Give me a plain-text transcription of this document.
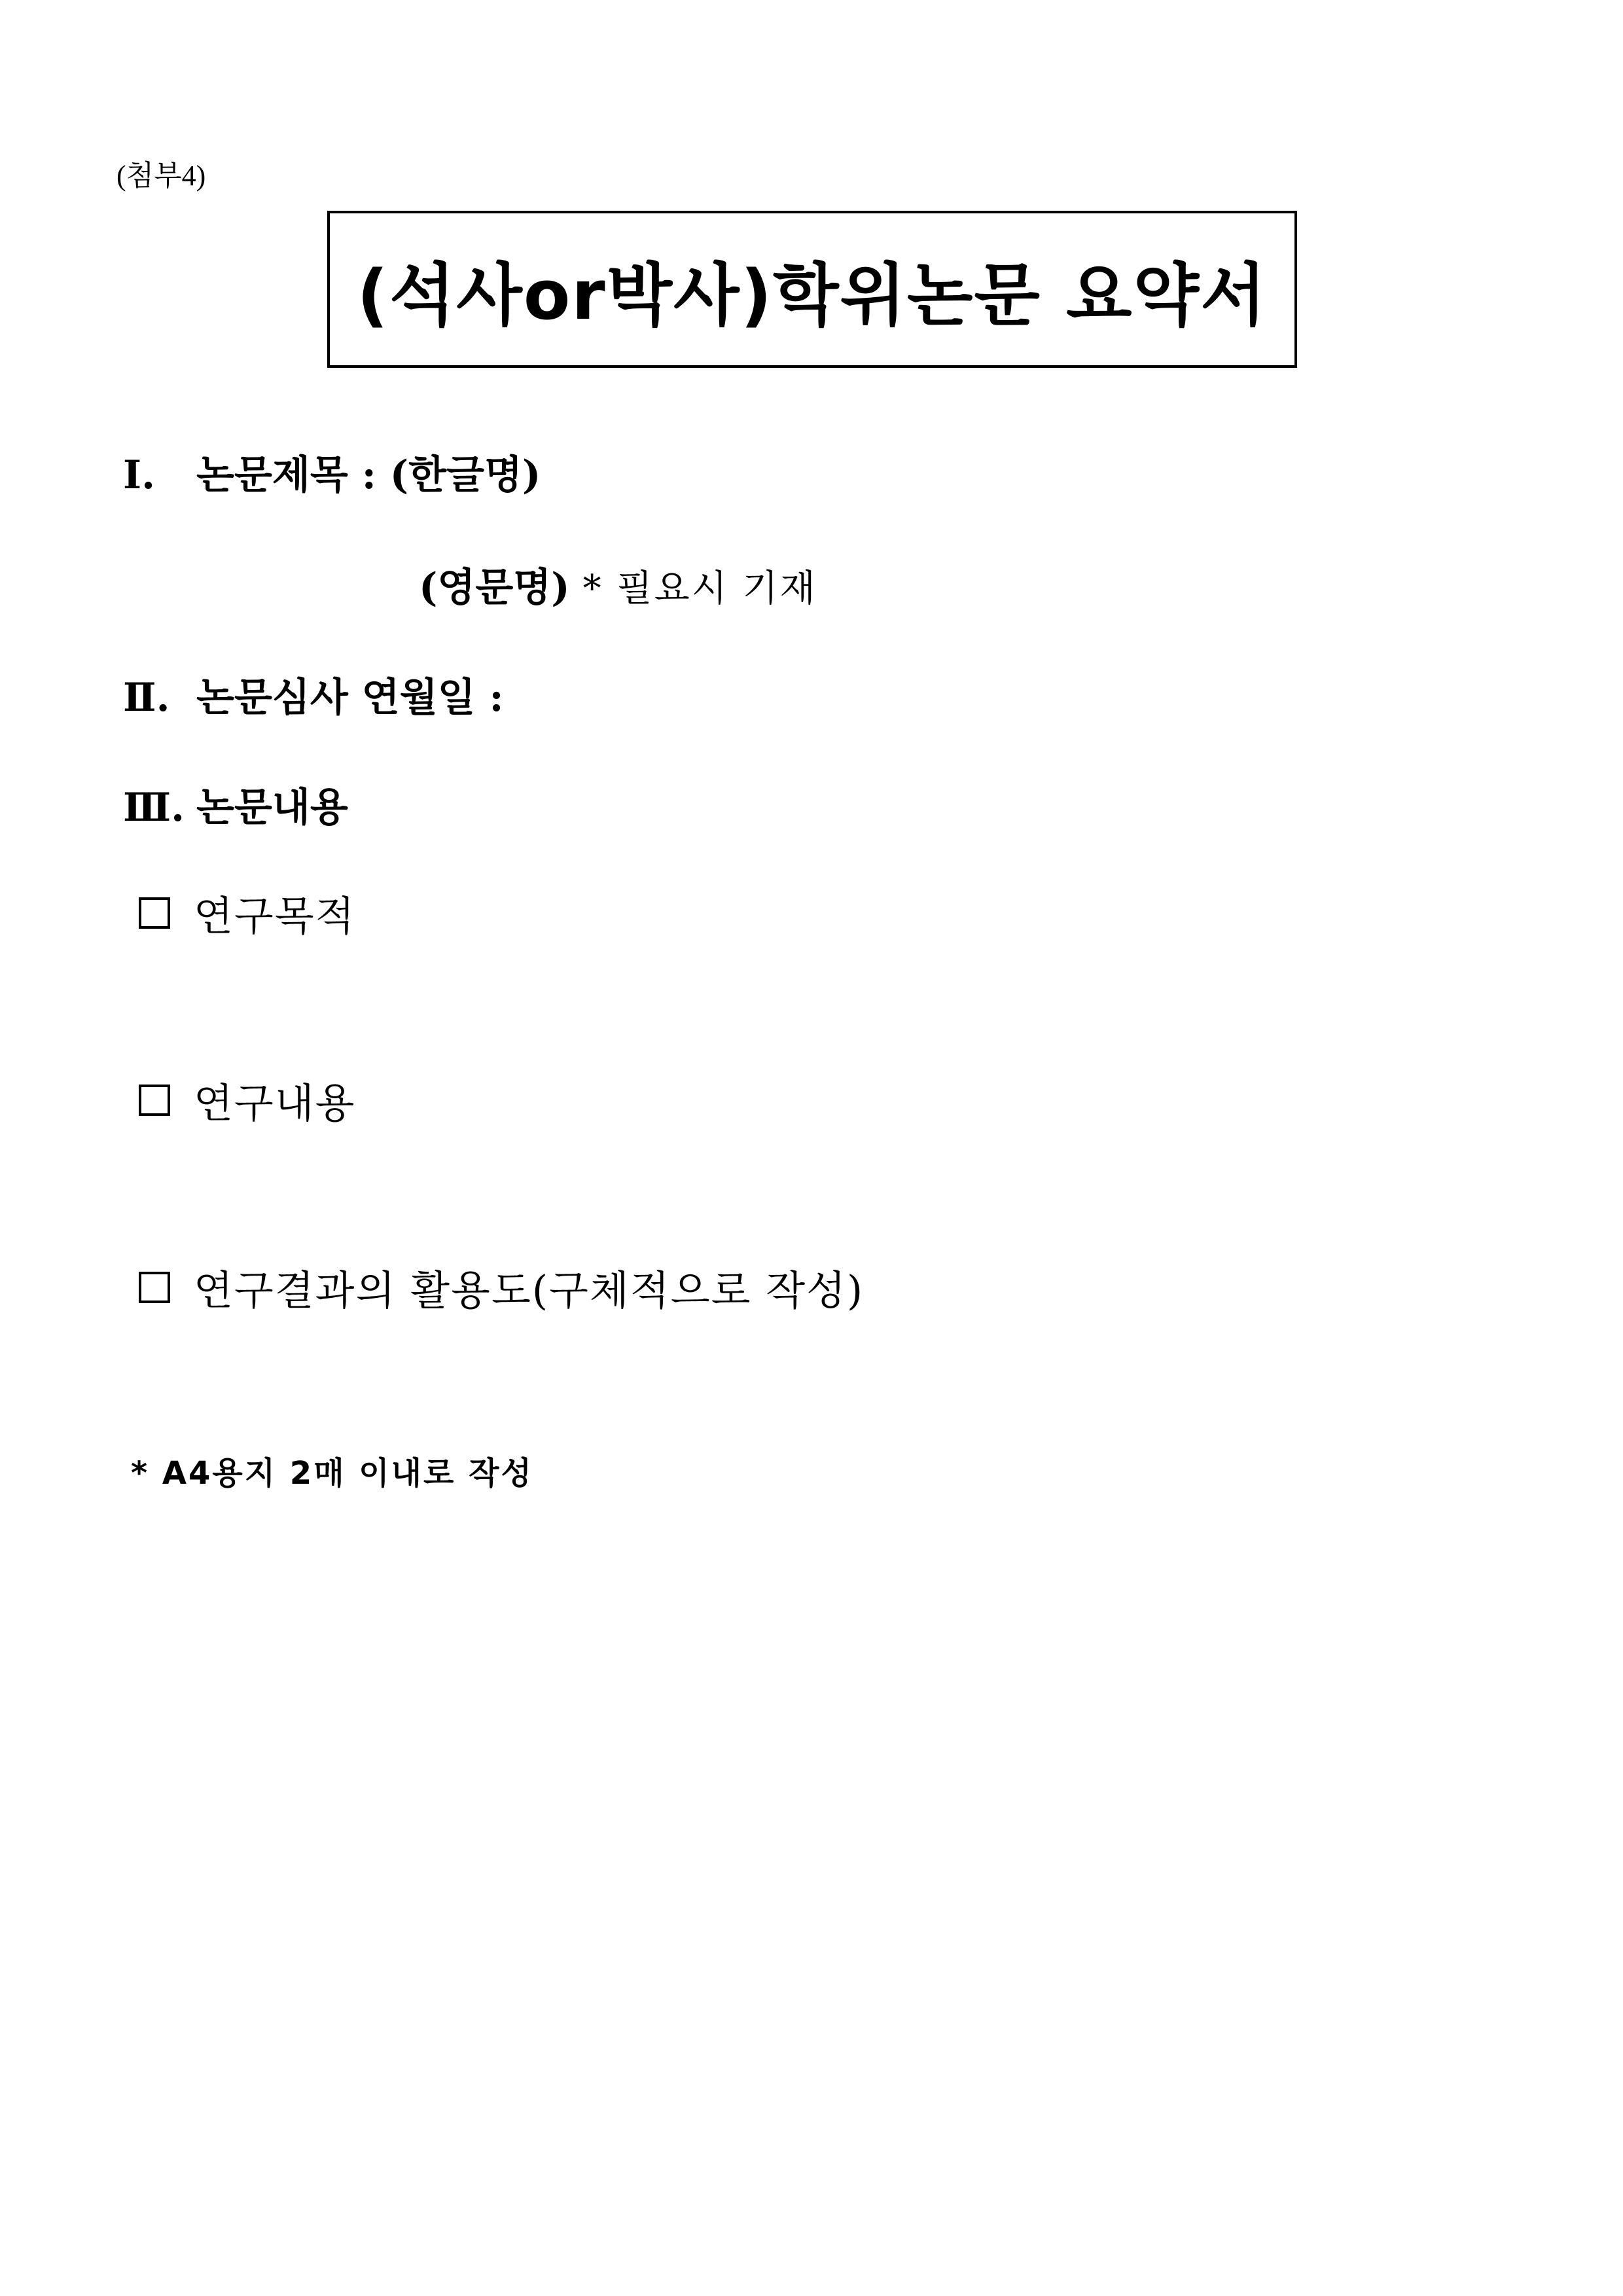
(첨부4)
(석사or박사)학위논문 요약서
Ⅰ. 논문제목 : (한글명)
(영문명) * 필요시 기재
Ⅱ. 논문심사 연월일 :
Ⅲ. 논문내용
연구목적
연구내용
연구결과의 활용도(구체적으로 작성)
* A4용지 2매 이내로 작성
